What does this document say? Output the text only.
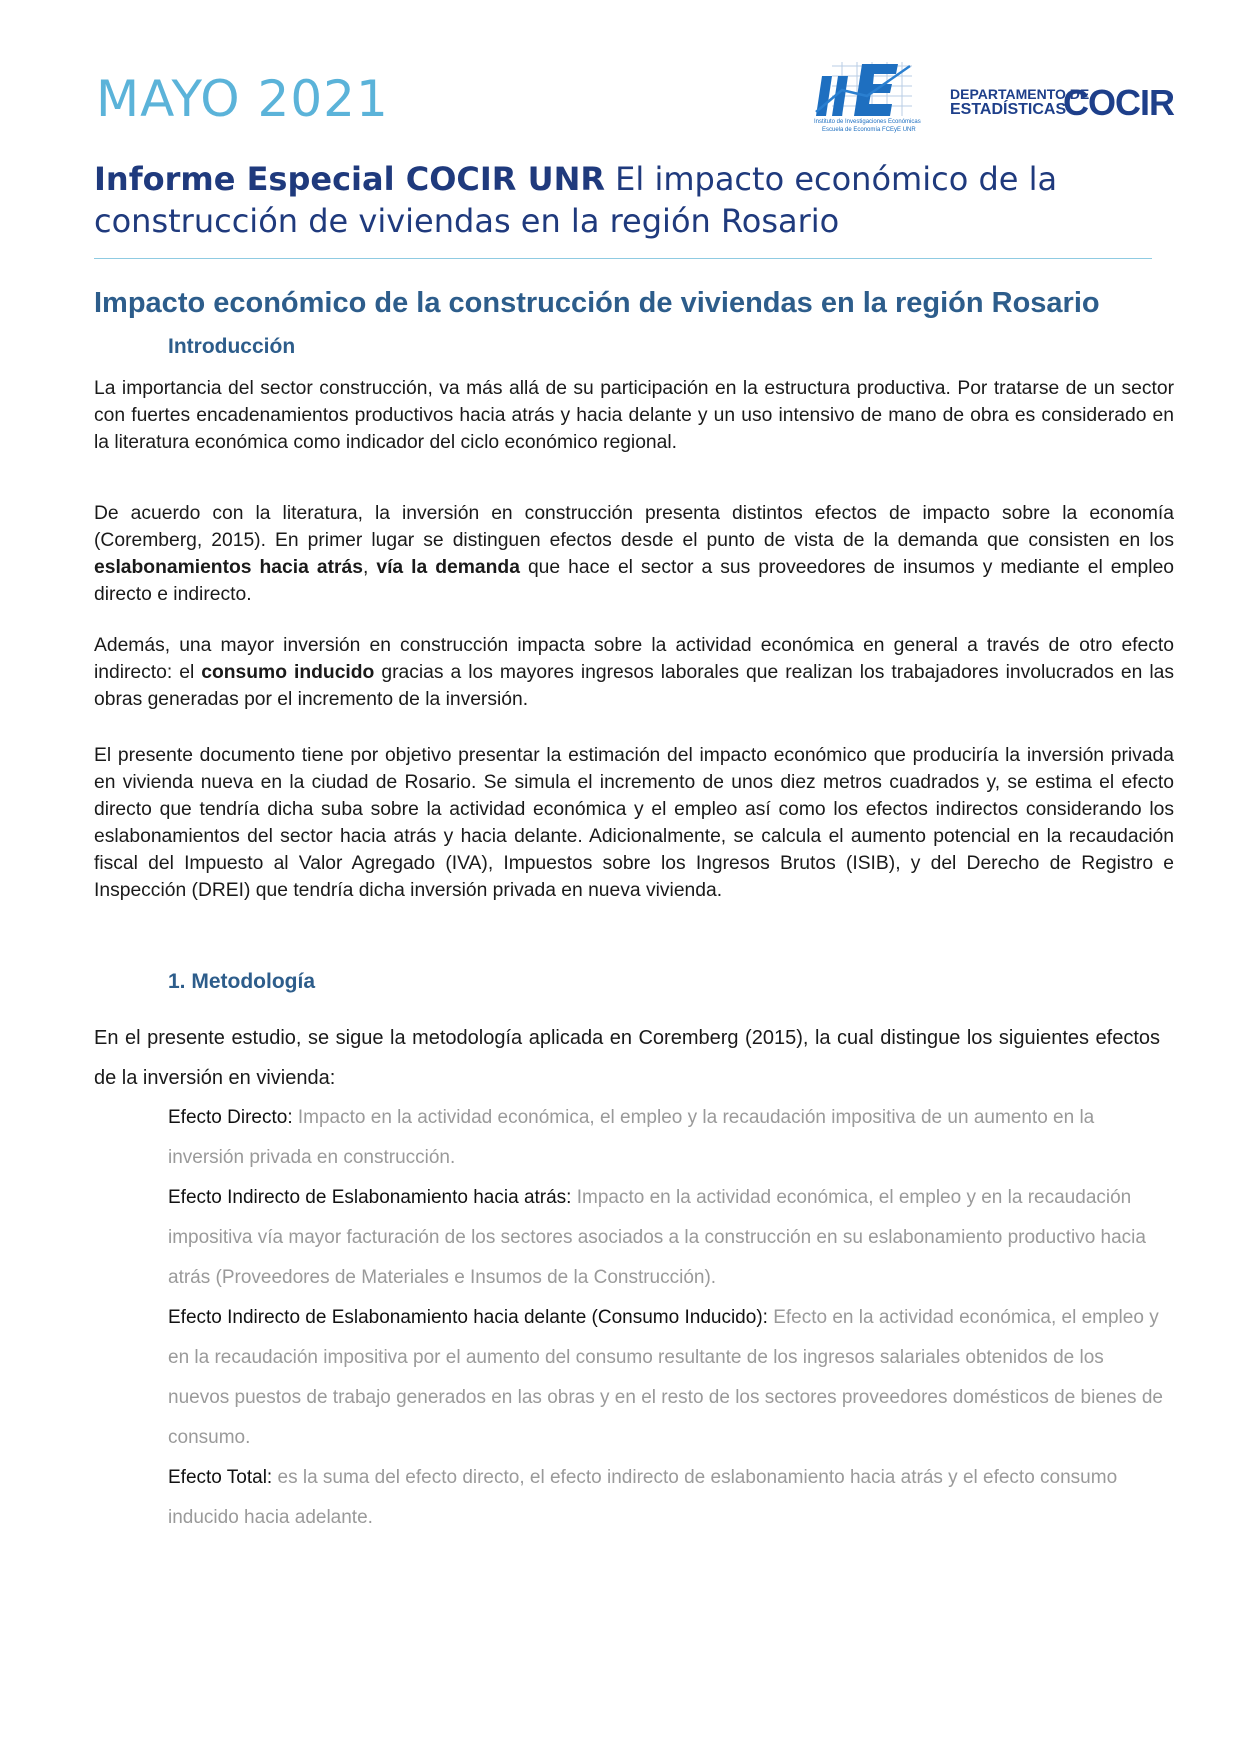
MAYO 2021	Instituto de Investigaciones Económicas
Escuela de Economía FCEyE UNR
DEPARTAMENTO DE
ESTADÍSTICAS
COCIR
Informe Especial COCIR UNR El impacto económico de la
construcción de viviendas en la región Rosario
Impacto económico de la construcción de viviendas en la región Rosario
Introducción

La importancia del sector construcción, va más allá de su participación en la estructura productiva. Por tratarse de un sector con fuertes encadenamientos productivos hacia atrás y hacia delante y un uso intensivo de mano de obra es considerado en la literatura económica como indicador del ciclo económico regional.

De acuerdo con la literatura, la inversión en construcción presenta distintos efectos de impacto sobre la economía (Coremberg, 2015). En primer lugar se distinguen efectos desde el punto de vista de la demanda que consisten en los eslabonamientos hacia atrás, vía la demanda que hace el sector a sus proveedores de insumos y mediante el empleo directo e indirecto.

Además, una mayor inversión en construcción impacta sobre la actividad económica en general a través de otro efecto indirecto: el consumo inducido gracias a los mayores ingresos laborales que realizan los trabajadores involucrados en las obras generadas por el incremento de la inversión.

El presente documento tiene por objetivo presentar la estimación del impacto económico que produciría la inversión privada en vivienda nueva en la ciudad de Rosario. Se simula el incremento de unos diez metros cuadrados y, se estima el efecto directo que tendría dicha suba sobre la actividad económica y el empleo así como los efectos indirectos considerando los eslabonamientos del sector hacia atrás y hacia delante. Adicionalmente, se calcula el aumento potencial en la recaudación fiscal del Impuesto al Valor Agregado (IVA), Impuestos sobre los Ingresos Brutos (ISIB), y del Derecho de Registro e Inspección (DREI) que tendría dicha inversión privada en nueva vivienda.

1. Metodología

En el presente estudio, se sigue la metodología aplicada en Coremberg (2015), la cual distingue los siguientes efectos de la inversión en vivienda:

Efecto Directo: Impacto en la actividad económica, el empleo y la recaudación impositiva de un aumento en la inversión privada en construcción.

Efecto Indirecto de Eslabonamiento hacia atrás: Impacto en la actividad económica, el empleo y en la recaudación impositiva vía mayor facturación de los sectores asociados a la construcción en su eslabonamiento productivo hacia atrás (Proveedores de Materiales e Insumos de la Construcción).

Efecto Indirecto de Eslabonamiento hacia delante (Consumo Inducido): Efecto en la actividad económica, el empleo y en la recaudación impositiva por el aumento del consumo resultante de los ingresos salariales obtenidos de los nuevos puestos de trabajo generados en las obras y en el resto de los sectores proveedores domésticos de bienes de consumo.

Efecto Total: es la suma del efecto directo, el efecto indirecto de eslabonamiento hacia atrás y el efecto consumo inducido hacia adelante.
